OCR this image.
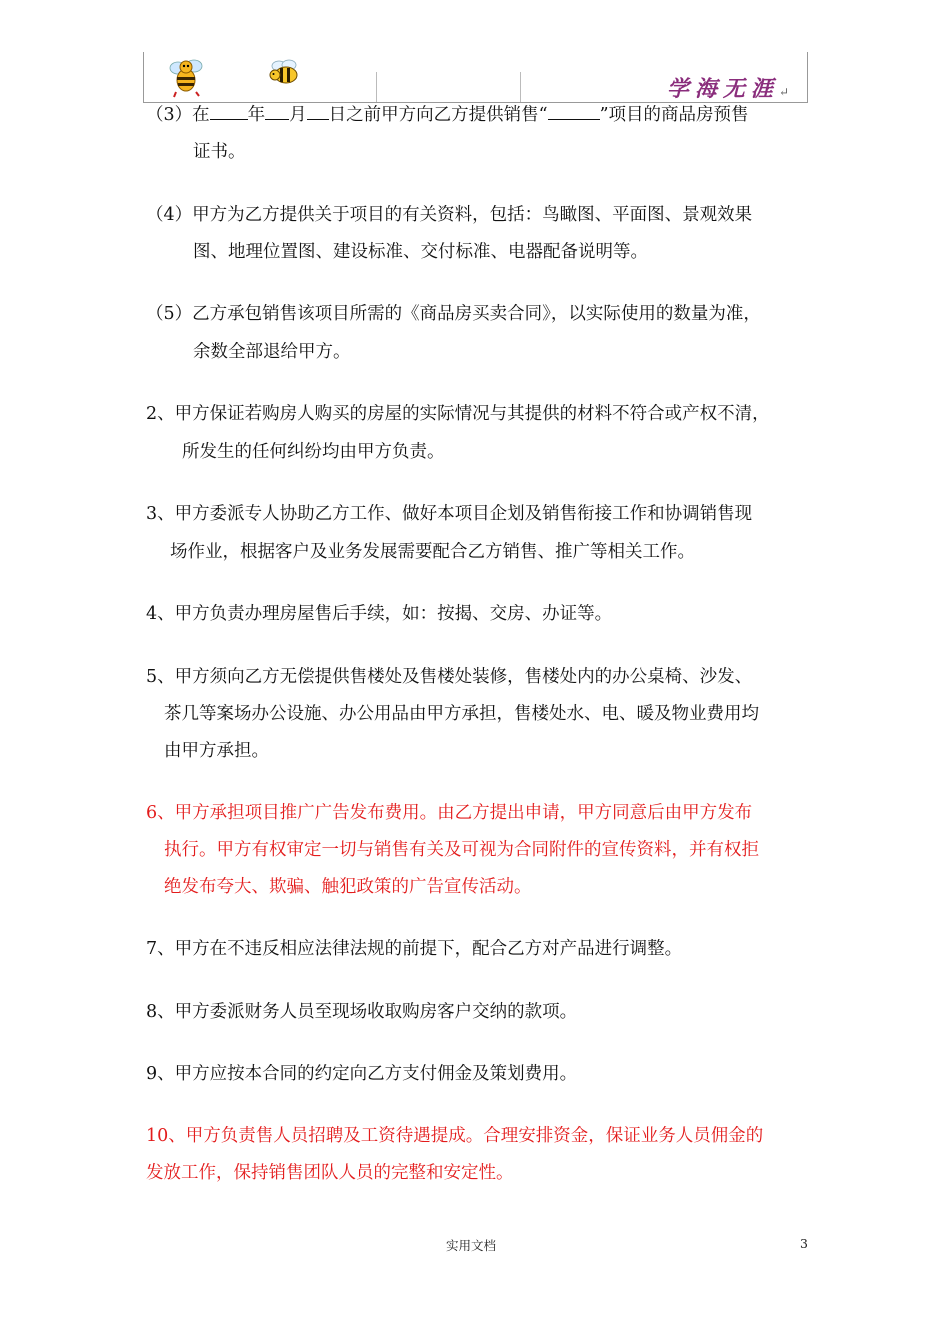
学海无涯↵

（3）在 年 月 日之前甲方向乙方提供销售“	”项目的商品房预售

证书。

（4）甲方为乙方提供关于项目的有关资料，包括：鸟瞰图、平面图、景观效果

图、地理位置图、建设标准、交付标准、电器配备说明等。

（5）乙方承包销售该项目所需的《商品房买卖合同》，以实际使用的数量为准，

余数全部退给甲方。

2、甲方保证若购房人购买的房屋的实际情况与其提供的材料不符合或产权不清，

所发生的任何纠纷均由甲方负责。

3、甲方委派专人协助乙方工作、做好本项目企划及销售衔接工作和协调销售现

场作业，根据客户及业务发展需要配合乙方销售、推广等相关工作。

4、甲方负责办理房屋售后手续，如：按揭、交房、办证等。

5、甲方须向乙方无偿提供售楼处及售楼处装修，售楼处内的办公桌椅、沙发、

茶几等案场办公设施、办公用品由甲方承担，售楼处水、电、暖及物业费用均

由甲方承担。

6、甲方承担项目推广广告发布费用。由乙方提出申请，甲方同意后由甲方发布

执行。甲方有权审定一切与销售有关及可视为合同附件的宣传资料，并有权拒

绝发布夸大、欺骗、触犯政策的广告宣传活动。

7、甲方在不违反相应法律法规的前提下，配合乙方对产品进行调整。

8、甲方委派财务人员至现场收取购房客户交纳的款项。

9、甲方应按本合同的约定向乙方支付佣金及策划费用。

10、甲方负责售人员招聘及工资待遇提成。合理安排资金，保证业务人员佣金的

发放工作，保持销售团队人员的完整和安定性。

实用文档	3
